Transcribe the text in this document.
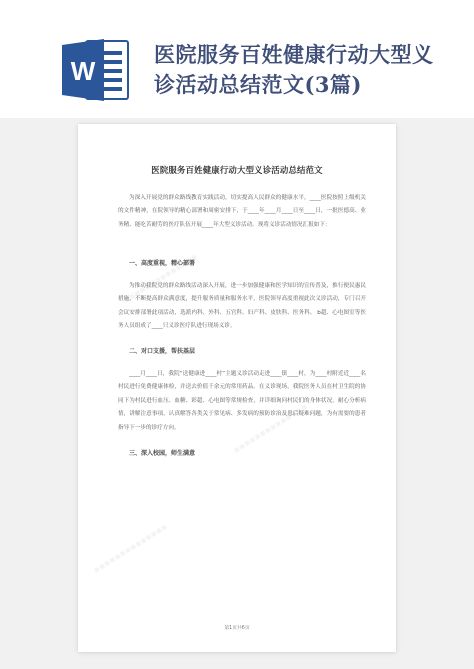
W
医院服务百姓健康行动大型义
诊活动总结范文(3篇)
医院服务百姓健康行动大型义诊活动总结范文

为深入开展党的群众路线教育实践活动，切实提高人民群众的健康水平，____医院按照上级机关的文件精神，在院领导的精心部署和周密安排下，于____年____月____日至____日，一批医德高、业务精、能吃苦耐劳的医疗队伍开展____年大型义诊活动。现将义诊活动情况汇报如下：

一、高度重视，精心部署

为推动我院党的群众路线活动深入开展，进一步加强健康和医学知识的宣传普及，推行便民惠民措施，不断提高群众满意度，提升服务质量和服务水平，医院领导高度重视此次义诊活动，专门召开会议安排部署此项活动，选派内科、外科、五官科、妇产科、皮肤科、医务科、 b超、心电图室等医务人员组成了____只义诊医疗队进行现场义诊。

二、对口支援，帮扶基层

____月____日，我院“送健康进____村”主题义诊活动走进____镇____村，为____村附近近____名村民进行免费健康体检，并送去价值千余元的常用药品。在义诊现场，我院医务人员在村卫生院的协同下为村民进行血压、血糖、彩超、心电图等常规检查，并详细询问村民们的身体状况，耐心分析病情，讲解注意事项，认真解答各类关于常见病、多发病的预防诊治及患后疑难问题，为有需要的患者指导下一步的诊疗方向。

三、深入校园，师生满意
第1页共6页
